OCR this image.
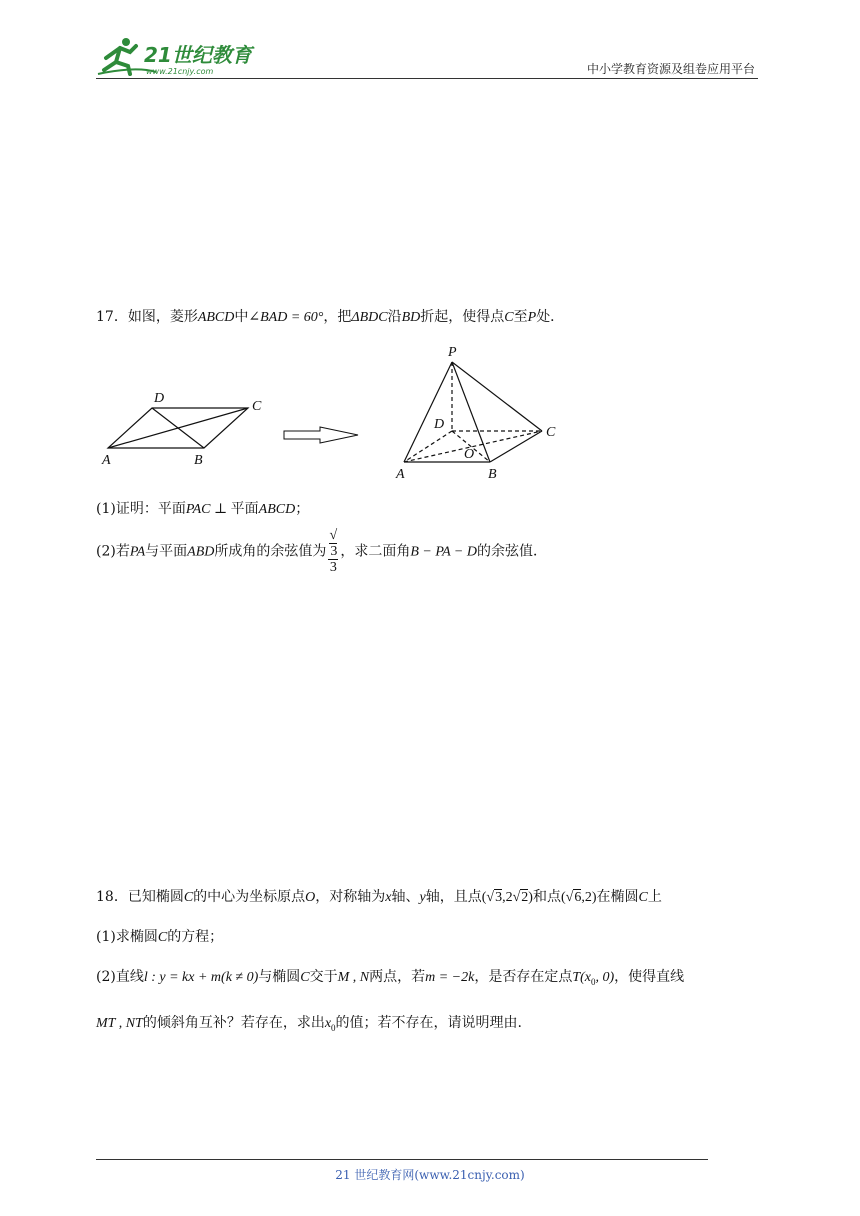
21世纪教育
www.21cnjy.com	中小学教育资源及组卷应用平台
17．如图，菱形ABCD中∠BAD = 60°，把ΔBDC沿BD折起，使得点C至P处．
D
C
A	B
P
D
C
O
A	B
(1)证明：平面PAC ⊥ 平面ABCD；
(2)若PA与平面ABD所成角的余弦值为 √
3
3 ，求二面角B − PA − D的余弦值．
18．已知椭圆C的中心为坐标原点O，对称轴为x轴、y轴，且点(√3,2√2)和点(√6,2)在椭圆C上
(1)求椭圆C的方程；
(2)直线l : y = kx + m(k ≠ 0)与椭圆C交于M , N两点，若m = −2k，是否存在定点$T(x_0$, 0)，使得直线
MT , NT的倾斜角互补？若存在，求出$x_0$的值；若不存在，请说明理由.
21 世纪教育网(www.21cnjy.com)
